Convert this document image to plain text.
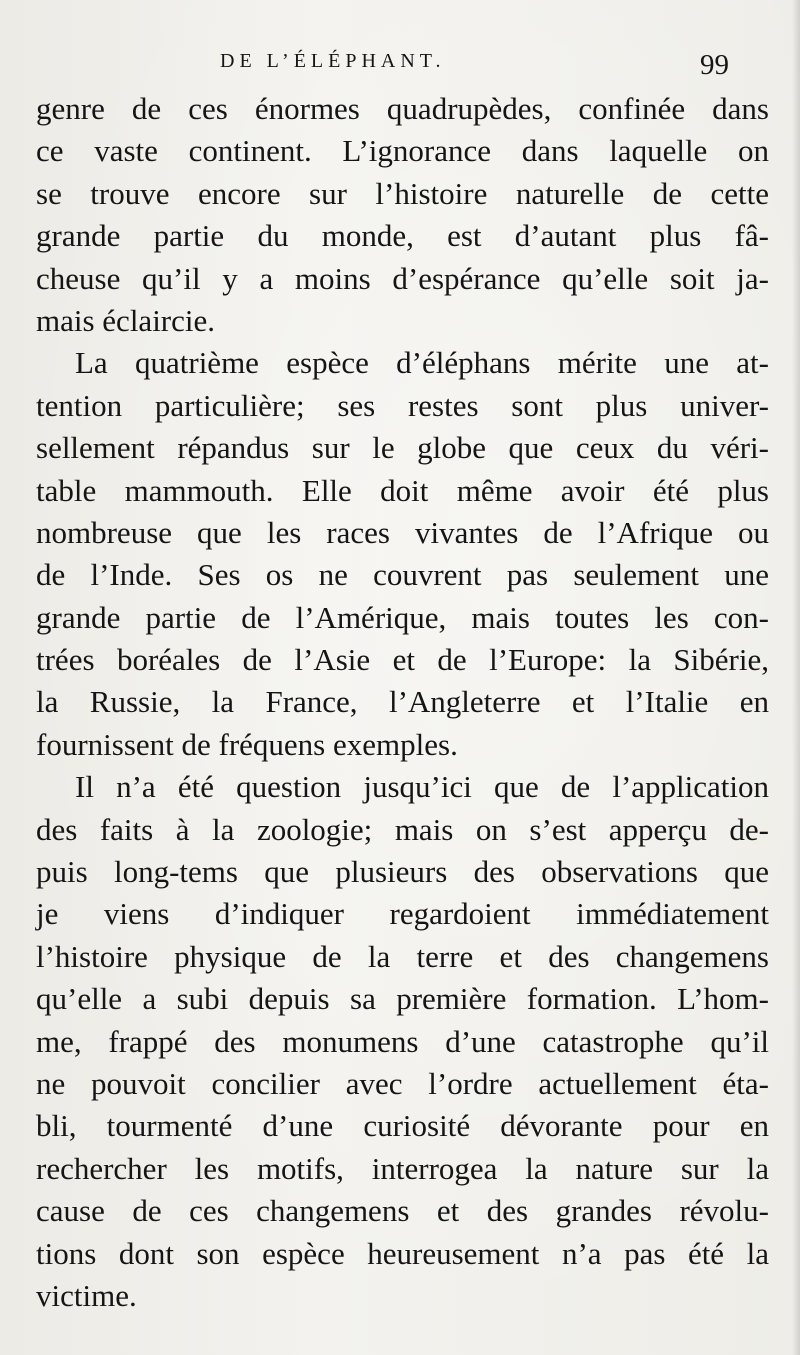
DE L’ÉLÉPHANT.	99
genre de ces énormes quadrupèdes, confinée dans
ce vaste continent. L’ignorance dans laquelle on
se trouve encore sur l’histoire naturelle de cette
grande partie du monde, est d’autant plus fâ-
cheuse qu’il y a moins d’espérance qu’elle soit ja-
mais éclaircie.
La quatrième espèce d’éléphans mérite une at-
tention particulière; ses restes sont plus univer-
sellement répandus sur le globe que ceux du véri-
table mammouth. Elle doit même avoir été plus
nombreuse que les races vivantes de l’Afrique ou
de l’Inde. Ses os ne couvrent pas seulement une
grande partie de l’Amérique, mais toutes les con-
trées boréales de l’Asie et de l’Europe: la Sibérie,
la Russie, la France, l’Angleterre et l’Italie en
fournissent de fréquens exemples.
Il n’a été question jusqu’ici que de l’application
des faits à la zoologie; mais on s’est apperçu de-
puis long-tems que plusieurs des observations que
je viens d’indiquer regardoient immédiatement
l’histoire physique de la terre et des changemens
qu’elle a subi depuis sa première formation. L’hom-
me, frappé des monumens d’une catastrophe qu’il
ne pouvoit concilier avec l’ordre actuellement éta-
bli, tourmenté d’une curiosité dévorante pour en
rechercher les motifs, interrogea la nature sur la
cause de ces changemens et des grandes révolu-
tions dont son espèce heureusement n’a pas été la
victime.
